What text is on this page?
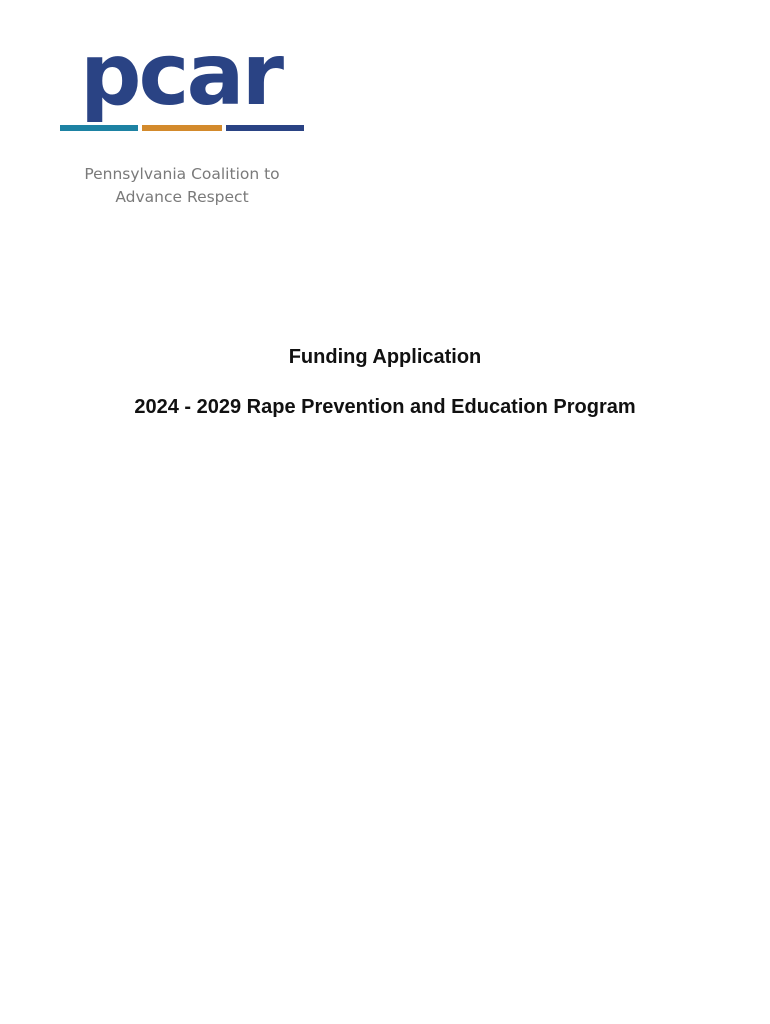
pcar
Pennsylvania Coalition to
Advance Respect

Funding Application

2024 - 2029 Rape Prevention and Education Program
